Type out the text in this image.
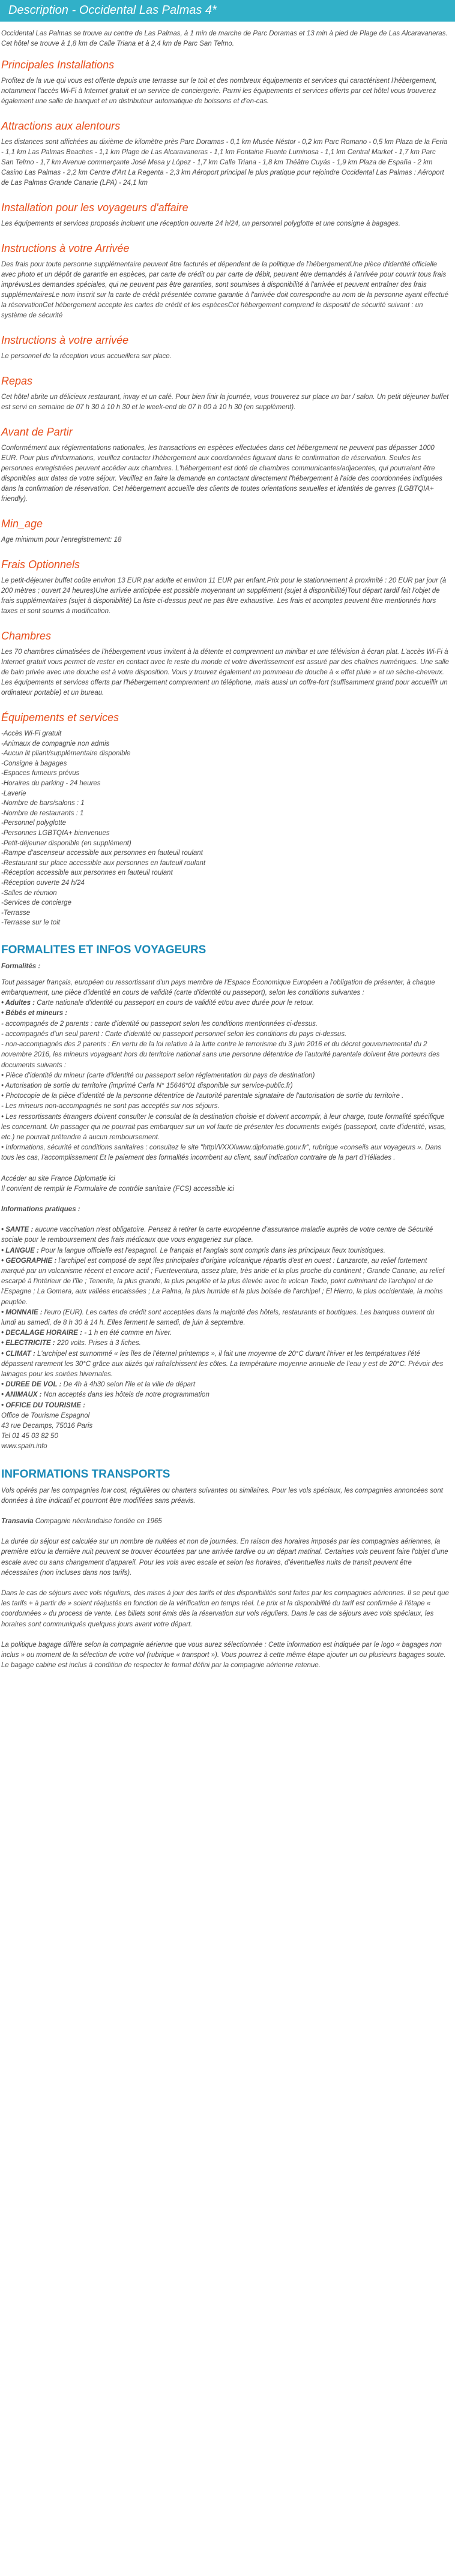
Description - Occidental Las Palmas 4*

Occidental Las Palmas se trouve au centre de Las Palmas, à 1 min de marche de Parc Doramas et 13 min à pied de Plage de Las Alcaravaneras. Cet hôtel se trouve à 1,8 km de Calle Triana et à 2,4 km de Parc San Telmo.

Principales Installations

Profitez de la vue qui vous est offerte depuis une terrasse sur le toit et des nombreux équipements et services qui caractérisent l'hébergement, notamment l'accès Wi-Fi à Internet gratuit et un service de conciergerie. Parmi les équipements et services offerts par cet hôtel vous trouverez également une salle de banquet et un distributeur automatique de boissons et d'en-cas.

Attractions aux alentours

Les distances sont affichées au dixième de kilomètre près Parc Doramas - 0,1 km Musée Néstor - 0,2 km Parc Romano - 0,5 km Plaza de la Feria - 1,1 km Las Palmas Beaches - 1,1 km Plage de Las Alcaravaneras - 1,1 km Fontaine Fuente Luminosa - 1,1 km Central Market - 1,7 km Parc San Telmo - 1,7 km Avenue commerçante José Mesa y López - 1,7 km Calle Triana - 1,8 km Théâtre Cuyás - 1,9 km Plaza de España - 2 km Casino Las Palmas - 2,2 km Centre d'Art La Regenta - 2,3 km Aéroport principal le plus pratique pour rejoindre Occidental Las Palmas : Aéroport de Las Palmas Grande Canarie (LPA) - 24,1 km

Installation pour les voyageurs d'affaire

Les équipements et services proposés incluent une réception ouverte 24 h/24, un personnel polyglotte et une consigne à bagages.

Instructions à votre Arrivée

Des frais pour toute personne supplémentaire peuvent être facturés et dépendent de la politique de l'hébergementUne pièce d'identité officielle avec photo et un dépôt de garantie en espèces, par carte de crédit ou par carte de débit, peuvent être demandés à l'arrivée pour couvrir tous frais imprévusLes demandes spéciales, qui ne peuvent pas être garanties, sont soumises à disponibilité à l'arrivée et peuvent entraîner des frais supplémentairesLe nom inscrit sur la carte de crédit présentée comme garantie à l'arrivée doit correspondre au nom de la personne ayant effectué la réservationCet hébergement accepte les cartes de crédit et les espècesCet hébergement comprend le dispositif de sécurité suivant : un système de sécurité

Instructions à votre arrivée

Le personnel de la réception vous accueillera sur place.

Repas

Cet hôtel abrite un délicieux restaurant, invay et un café. Pour bien finir la journée, vous trouverez sur place un bar / salon. Un petit déjeuner buffet est servi en semaine de 07 h 30 à 10 h 30 et le week-end de 07 h 00 à 10 h 30 (en supplément).

Avant de Partir

Conformément aux réglementations nationales, les transactions en espèces effectuées dans cet hébergement ne peuvent pas dépasser 1000 EUR. Pour plus d'informations, veuillez contacter l'hébergement aux coordonnées figurant dans le confirmation de réservation. Seules les personnes enregistrées peuvent accéder aux chambres. L'hébergement est doté de chambres communicantes/adjacentes, qui pourraient être disponibles aux dates de votre séjour. Veuillez en faire la demande en contactant directement l'hébergement à l'aide des coordonnées indiquées dans la confirmation de réservation. Cet hébergement accueille des clients de toutes orientations sexuelles et identités de genres (LGBTQIA+ friendly).

Min_age

Age minimum pour l'enregistrement: 18

Frais Optionnels

Le petit-déjeuner buffet coûte environ 13 EUR par adulte et environ 11 EUR par enfant.Prix pour le stationnement à proximité : 20 EUR par jour (à 200 mètres ; ouvert 24 heures)Une arrivée anticipée est possible moyennant un supplément (sujet à disponibilité)Tout départ tardif fait l'objet de frais supplémentaires (sujet à disponibilité) La liste ci-dessus peut ne pas être exhaustive. Les frais et acomptes peuvent être mentionnés hors taxes et sont soumis à modification.

Chambres

Les 70 chambres climatisées de l'hébergement vous invitent à la détente et comprennent un minibar et une télévision à écran plat. L'accès Wi-Fi à Internet gratuit vous permet de rester en contact avec le reste du monde et votre divertissement est assuré par des chaînes numériques. Une salle de bain privée avec une douche est à votre disposition. Vous y trouvez également un pommeau de douche à « effet pluie » et un sèche-cheveux. Les équipements et services offerts par l'hébergement comprennent un téléphone, mais aussi un coffre-fort (suffisamment grand pour accueillir un ordinateur portable) et un bureau.

Équipements et services
-Accès Wi-Fi gratuit
-Animaux de compagnie non admis
-Aucun lit pliant/supplémentaire disponible
-Consigne à bagages
-Espaces fumeurs prévus
-Horaires du parking - 24 heures
-Laverie
-Nombre de bars/salons : 1
-Nombre de restaurants : 1
-Personnel polyglotte
-Personnes LGBTQIA+ bienvenues
-Petit-déjeuner disponible (en supplément)
-Rampe d'ascenseur accessible aux personnes en fauteuil roulant
-Restaurant sur place accessible aux personnes en fauteuil roulant
-Réception accessible aux personnes en fauteuil roulant
-Réception ouverte 24 h/24
-Salles de réunion
-Services de concierge
-Terrasse
-Terrasse sur le toit
FORMALITES ET INFOS VOYAGEURS
Formalités :

Tout passager français, européen ou ressortissant d'un pays membre de l'Espace Économique Européen a l'obligation de présenter, à chaque embarquement, une pièce d'identité en cours de validité (carte d'identité ou passeport), selon les conditions suivantes :

• Adultes : Carte nationale d'identité ou passeport en cours de validité et/ou avec durée pour le retour.

• Bébés et mineurs :

- accompagnés de 2 parents : carte d'identité ou passeport selon les conditions mentionnées ci-dessus.

- accompagnés d'un seul parent : Carte d'identité ou passeport personnel selon les conditions du pays ci-dessus.

- non-accompagnés des 2 parents : En vertu de la loi relative à la lutte contre le terrorisme du 3 juin 2016 et du décret gouvernemental du 2 novembre 2016, les mineurs voyageant hors du territoire national sans une personne détentrice de l'autorité parentale doivent être porteurs des documents suivants :

• Pièce d'identité du mineur (carte d'identité ou passeport selon réglementation du pays de destination)

• Autorisation de sortie du territoire (imprimé Cerfa N° 15646*01 disponible sur service-public.fr)

• Photocopie de la pièce d'identité de la personne détentrice de l'autorité parentale signataire de l'autorisation de sortie du territoire .

- Les mineurs non-accompagnés ne sont pas acceptés sur nos séjours.

• Les ressortissants étrangers doivent consulter le consulat de la destination choisie et doivent accomplir, à leur charge, toute formalité spécifique les concernant. Un passager qui ne pourrait pas embarquer sur un vol faute de présenter les documents exigés (passeport, carte d'identité, visas, etc.) ne pourrait prétendre à aucun remboursement.

• Informations, sécurité et conditions sanitaires : consultez le site "http\/\/XXXwww.diplomatie.gouv.fr", rubrique «conseils aux voyageurs ». Dans tous les cas, l'accomplissement Et le paiement des formalités incombent au client, sauf indication contraire de la part d'Héliades .

Accéder au site France Diplomatie ici

Il convient de remplir le Formulaire de contrôle sanitaire (FCS) accessible ici

Informations pratiques :

• SANTE : aucune vaccination n'est obligatoire. Pensez à retirer la carte européenne d'assurance maladie auprès de votre centre de Sécurité sociale pour le remboursement des frais médicaux que vous engageriez sur place.

• LANGUE : Pour la langue officielle est l'espagnol. Le français et l'anglais sont compris dans les principaux lieux touristiques.

• GEOGRAPHIE : l'archipel est composé de sept îles principales d'origine volcanique répartis d'est en ouest : Lanzarote, au relief fortement marqué par un volcanisme récent et encore actif ; Fuerteventura, assez plate, très aride et la plus proche du continent ; Grande Canarie, au relief escarpé à l'intérieur de l'île ; Tenerife, la plus grande, la plus peuplée et la plus élevée avec le volcan Teide, point culminant de l'archipel et de l'Espagne ; La Gomera, aux vallées encaissées ; La Palma, la plus humide et la plus boisée de l'archipel ; El Hierro, la plus occidentale, la moins peuplée.

• MONNAIE : l'euro (EUR). Les cartes de crédit sont acceptées dans la majorité des hôtels, restaurants et boutiques. Les banques ouvrent du lundi au samedi, de 8 h 30 à 14 h. Elles ferment le samedi, de juin à septembre.

• DECALAGE HORAIRE : - 1 h en été comme en hiver.

• ELECTRICITE : 220 volts. Prises à 3 fiches.

• CLIMAT : L'archipel est surnommé « les îles de l'éternel printemps », il fait une moyenne de 20°C durant l'hiver et les températures l'été dépassent rarement les 30°C grâce aux alizés qui rafraîchissent les côtes. La température moyenne annuelle de l'eau y est de 20°C. Prévoir des lainages pour les soirées hivernales.

• DUREE DE VOL : De 4h à 4h30 selon l'île et la ville de départ

• ANIMAUX : Non acceptés dans les hôtels de notre programmation

• OFFICE DU TOURISME :

Office de Tourisme Espagnol

43 rue Decamps, 75016 Paris

Tel 01 45 03 82 50

www.spain.info

INFORMATIONS TRANSPORTS

Vols opérés par les compagnies low cost, régulières ou charters suivantes ou similaires. Pour les vols spéciaux, les compagnies annoncées sont données à titre indicatif et pourront être modifiées sans préavis.

Transavia Compagnie néerlandaise fondée en 1965

La durée du séjour est calculée sur un nombre de nuitées et non de journées. En raison des horaires imposés par les compagnies aériennes, la première et/ou la dernière nuit peuvent se trouver écourtées par une arrivée tardive ou un départ matinal. Certaines vols peuvent faire l'objet d'une escale avec ou sans changement d'appareil. Pour les vols avec escale et selon les horaires, d'éventuelles nuits de transit peuvent être nécessaires (non incluses dans nos tarifs).

Dans le cas de séjours avec vols réguliers, des mises à jour des tarifs et des disponibilités sont faites par les compagnies aériennes. Il se peut que les tarifs + à partir de » soient réajustés en fonction de la vérification en temps réel. Le prix et la disponibilité du tarif est confirmée à l'étape « coordonnées » du process de vente. Les billets sont émis dès la réservation sur vols réguliers. Dans le cas de séjours avec vols spéciaux, les horaires sont communiqués quelques jours avant votre départ.

La politique bagage diffère selon la compagnie aérienne que vous aurez sélectionnée : Cette information est indiquée par le logo « bagages non inclus » ou moment de la sélection de votre vol (rubrique « transport »). Vous pourrez à cette même étape ajouter un ou plusieurs bagages soute. Le bagage cabine est inclus à condition de respecter le format défini par la compagnie aérienne retenue.
